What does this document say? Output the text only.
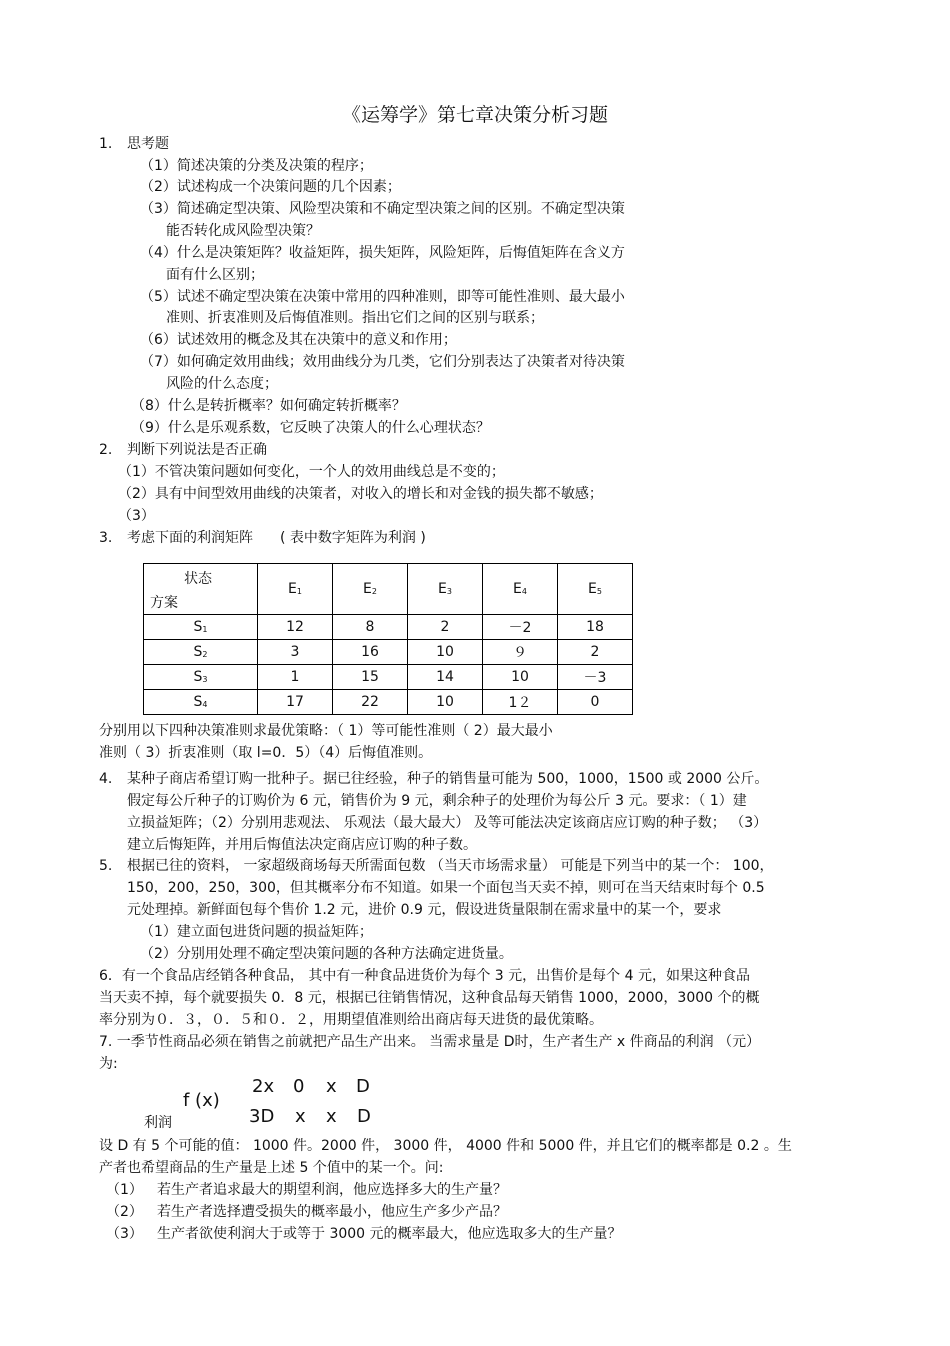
《运筹学》第七章决策分析习题
1. 思考题
（1）简述决策的分类及决策的程序；
（2）试述构成一个决策问题的几个因素；
（3）简述确定型决策、风险型决策和不确定型决策之间的区别。不确定型决策
能否转化成风险型决策？
（4）什么是决策矩阵？收益矩阵，损失矩阵，风险矩阵，后悔值矩阵在含义方
面有什么区别；
（5）试述不确定型决策在决策中常用的四种准则，即等可能性准则、最大最小
准则、折衷准则及后悔值准则。指出它们之间的区别与联系；
（6）试述效用的概念及其在决策中的意义和作用；
（7）如何确定效用曲线；效用曲线分为几类，它们分别表达了决策者对待决策
风险的什么态度；
（8）什么是转折概率？如何确定转折概率？
（9）什么是乐观系数，它反映了决策人的什么心理状态？
2. 判断下列说法是否正确
（1）不管决策问题如何变化，一个人的效用曲线总是不变的；
（2）具有中间型效用曲线的决策者，对收入的增长和对金钱的损失都不敏感；
（3）
3. 考虑下面的利润矩阵 ( 表中数字矩阵为利润 )
状态
方案	$E_1$	$E_2$	$E_3$	$E_4$	$E_5$
$S_1$	12	8	2	－2	18
$S_2$	3	16	10	９	2
$S_3$	1	15	14	10	－3
$S_4$	17	22	10	1２	0
分别用以下四种决策准则求最优策略：（ 1）等可能性准则（ 2）最大最小
准则（ 3）折衷准则（取 l=0．5）（4）后悔值准则。
4. 某种子商店希望订购一批种子。据已往经验，种子的销售量可能为 500，1000，1500 或 2000 公斤。
假定每公斤种子的订购价为 6 元，销售价为 9 元，剩余种子的处理价为每公斤 3 元。要求：（ 1）建
立损益矩阵；（2）分别用悲观法、 乐观法（最大最大） 及等可能法决定该商店应订购的种子数； （3）
建立后悔矩阵，并用后悔值法决定商店应订购的种子数。
5. 根据已往的资料， 一家超级商场每天所需面包数 （当天市场需求量） 可能是下列当中的某一个： 100，
150，200，250，300，但其概率分布不知道。如果一个面包当天卖不掉，则可在当天结束时每个 0.5
元处理掉。新鲜面包每个售价 1.2 元，进价 0.9 元，假设进货量限制在需求量中的某一个，要求
（1）建立面包进货问题的损益矩阵；
（2）分别用处理不确定型决策问题的各种方法确定进货量。
6．有一个食品店经销各种食品， 其中有一种食品进货价为每个 3 元，出售价是每个 4 元，如果这种食品
当天卖不掉，每个就要损失 0．8 元，根据已往销售情况，这种食品每天销售 1000，2000，3000 个的概
率分别为０．３，０．５和０．２，用期望值准则给出商店每天进货的最优策略。
7. 一季节性商品必须在销售之前就把产品生产出来。 当需求量是 D时，生产者生产 x 件商品的利润 （元）
为:
f (x)
利润
2x 0 x D
3D x x D
设 D 有 5 个可能的值： 1000 件。2000 件， 3000 件， 4000 件和 5000 件，并且它们的概率都是 0.2 。生
产者也希望商品的生产量是上述 5 个值中的某一个。问:
（1） 若生产者追求最大的期望利润，他应选择多大的生产量？
（2） 若生产者选择遭受损失的概率最小，他应生产多少产品？
（3） 生产者欲使利润大于或等于 3000 元的概率最大，他应选取多大的生产量？
